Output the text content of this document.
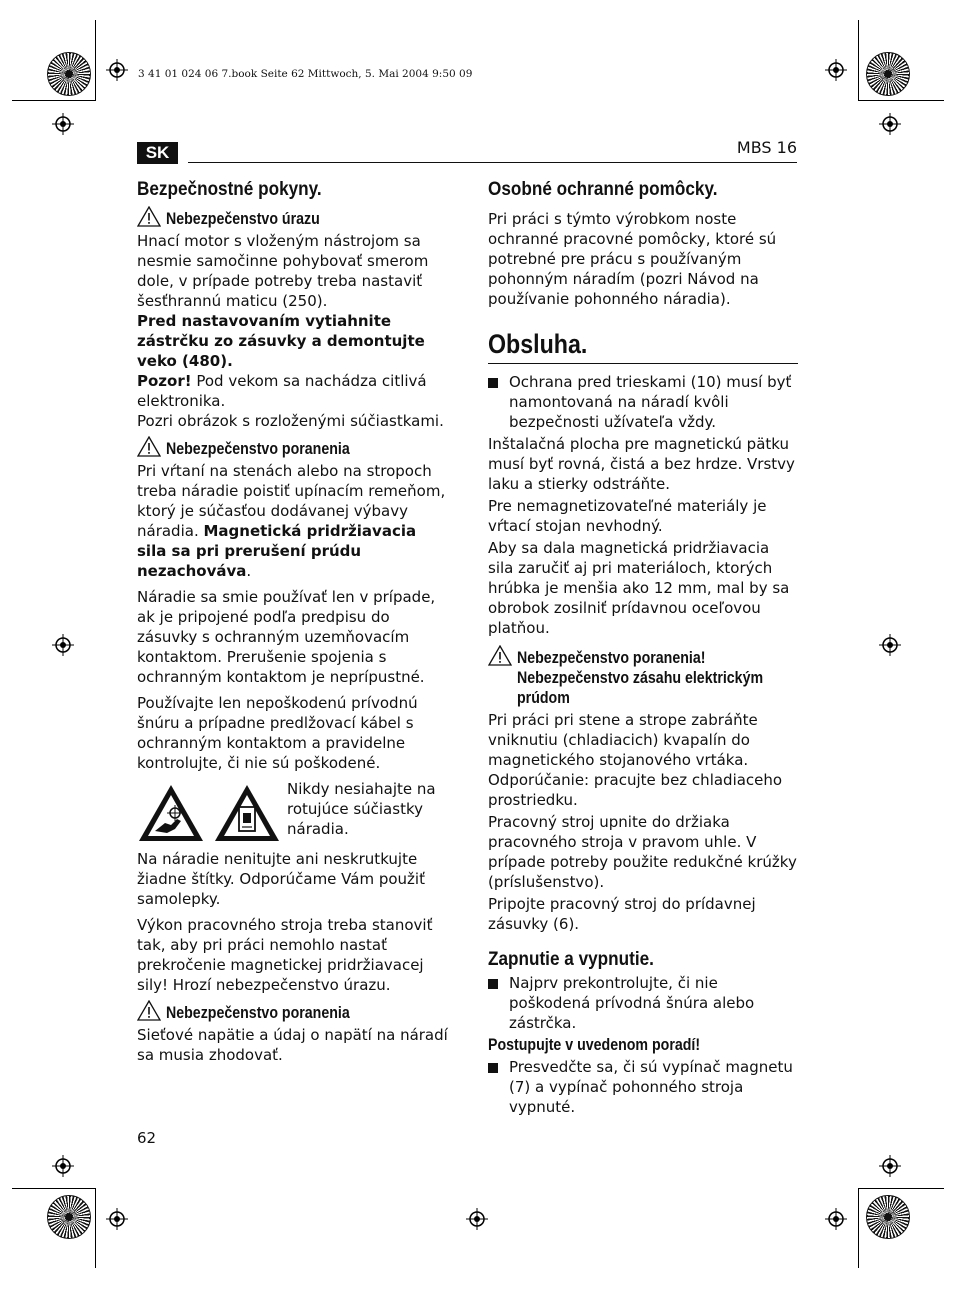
3 41 01 024 06 7.book Seite 62 Mittwoch, 5. Mai 2004 9:50 09
SK	MBS 16
Bezpečnostné pokyny.
Nebezpečenstvo úrazu

Hnací motor s vloženým nástrojom sa nesmie samočinne pohybovať smerom dole, v prípade potreby treba nastaviť šesťhrannú maticu (250).

Pred nastavovaním vytiahnite zástrčku zo zásuvky a demontujte veko (480).

Pozor! Pod vekom sa nachádza citlivá elektronika.

Pozri obrázok s rozloženými súčiastkami.

Nebezpečenstvo poranenia

Pri vŕtaní na stenách alebo na stropoch treba náradie poistiť upínacím remeňom, ktorý je súčasťou dodávanej výbavy náradia. Magnetická pridržiavacia sila sa pri prerušení prúdu nezachováva.

Náradie sa smie používať len v prípade, ak je pripojené podľa predpisu do zásuvky s ochranným uzemňovacím kontaktom. Prerušenie spojenia s ochranným kontaktom je neprípustné.

Používajte len nepoškodenú prívodnú šnúru a prípadne predlžovací kábel s ochranným kontaktom a pravidelne kontrolujte, či nie sú poškodené.

Nikdy nesiahajte na rotujúce súčiastky náradia.

Na náradie nenitujte ani neskrutkujte žiadne štítky. Odporúčame Vám použiť samolepky.

Výkon pracovného stroja treba stanoviť tak, aby pri práci nemohlo nastať prekročenie magnetickej pridržiavacej sily! Hrozí nebezpečenstvo úrazu.

Nebezpečenstvo poranenia

Sieťové napätie a údaj o napätí na náradí sa musia zhodovať.

Osobné ochranné pomôcky.

Pri práci s týmto výrobkom noste ochranné pracovné pomôcky, ktoré sú potrebné pre prácu s používaným pohonným náradím (pozri Návod na používanie pohonného náradia).

Obsluha.
Ochrana pred trieskami (10) musí byť namontovaná na náradí kvôli bezpečnosti užívateľa vždy.

Inštalačná plocha pre magnetickú pätku musí byť rovná, čistá a bez hrdze. Vrstvy laku a stierky odstráňte.

Pre nemagnetizovateľné materiály je vŕtací stojan nevhodný.

Aby sa dala magnetická pridržiavacia sila zaručiť aj pri materiáloch, ktorých hrúbka je menšia ako 12 mm, mal by sa obrobok zosilniť prídavnou oceľovou platňou.

Nebezpečenstvo poranenia!
Nebezpečenstvo zásahu elektrickým
prúdom

Pri práci pri stene a strope zabráňte vniknutiu (chladiacich) kvapalín do magnetického stojanového vrtáka.

Odporúčanie: pracujte bez chladiaceho prostriedku.

Pracovný stroj upnite do držiaka pracovného stroja v pravom uhle. V prípade potreby použite redukčné krúžky (príslušenstvo).

Pripojte pracovný stroj do prídavnej zásuvky (6).

Zapnutie a vypnutie.
Najprv prekontrolujte, či nie poškodená prívodná šnúra alebo zástrčka.
Postupujte v uvedenom poradí!
Presvedčte sa, či sú vypínač magnetu (7) a vypínač pohonného stroja vypnuté.
62
